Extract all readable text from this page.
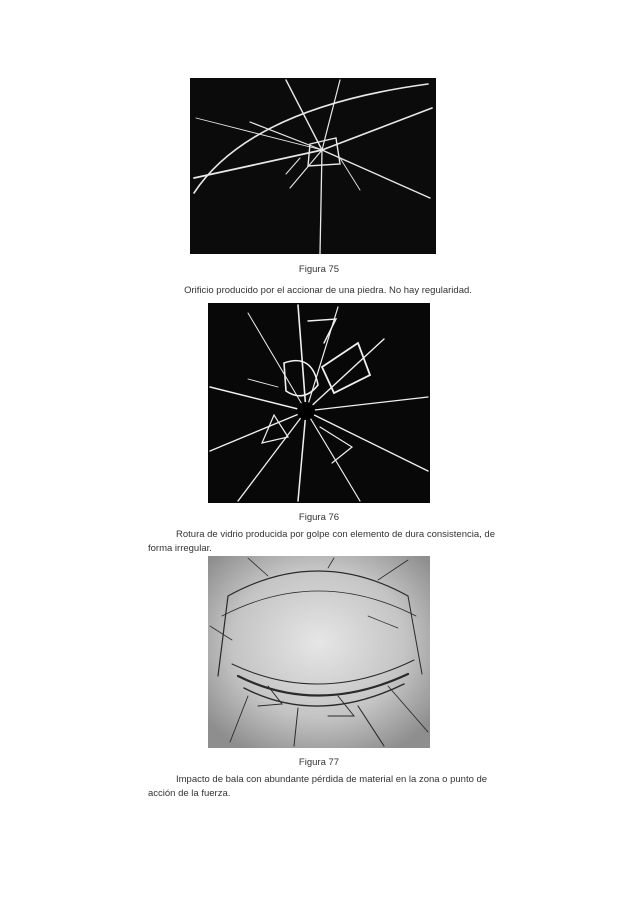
Figura 75
Orificio producido por el accionar de una piedra. No hay regularidad.
Figura 76
Rotura de vidrio producida por golpe con elemento de dura consistencia, de forma irregular.
Figura 77
Impacto de bala con abundante pérdida de material en la zona o punto de acción de la fuerza.
